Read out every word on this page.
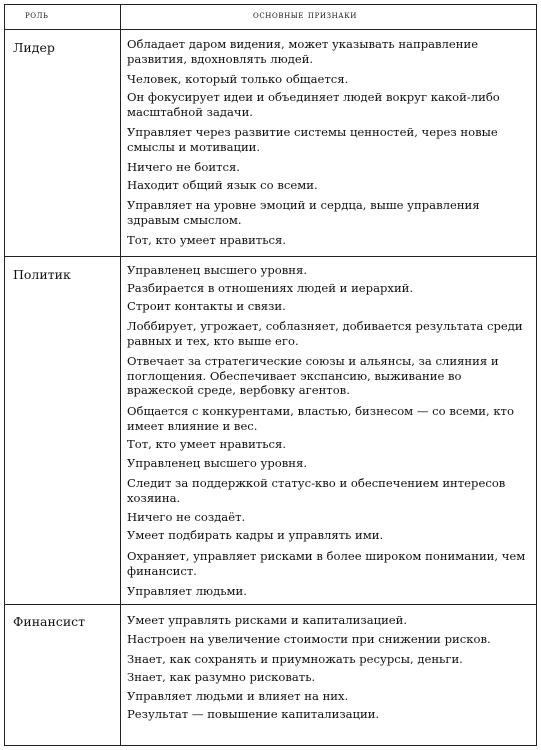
роль	основные признаки
Лидер	Обладает даром видения, может указывать направление развития, вдохновлять людей.
Человек, который только общается.
Он фокусирует идеи и объединяет людей вокруг какой-либо масштабной задачи.
Управляет через развитие системы ценностей, через новые смыслы и мотивации.
Ничего не боится.
Находит общий язык со всеми.
Управляет на уровне эмоций и сердца, выше управления здравым смыслом.
Тот, кто умеет нравиться.
Политик	Управленец высшего уровня.
Разбирается в отношениях людей и иерархий.
Строит контакты и связи.
Лоббирует, угрожает, соблазняет, добивается результата среди равных и тех, кто выше его.
Отвечает за стратегические союзы и альянсы, за слияния и поглощения. Обеспечивает экспансию, выживание во вражеской среде, вербовку агентов.
Общается с конкурентами, властью, бизнесом — со всеми, кто имеет влияние и вес.
Тот, кто умеет нравиться.
Управленец высшего уровня.
Следит за поддержкой статус-кво и обеспечением интересов хозяина.
Ничего не создаёт.
Умеет подбирать кадры и управлять ими.
Охраняет, управляет рисками в более широком понимании, чем финансист.
Управляет людьми.
Финансист	Умеет управлять рисками и капитализацией.
Настроен на увеличение стоимости при снижении рисков.
Знает, как сохранять и приумножать ресурсы, деньги.
Знает, как разумно рисковать.
Управляет людьми и влияет на них.
Результат — повышение капитализации.
